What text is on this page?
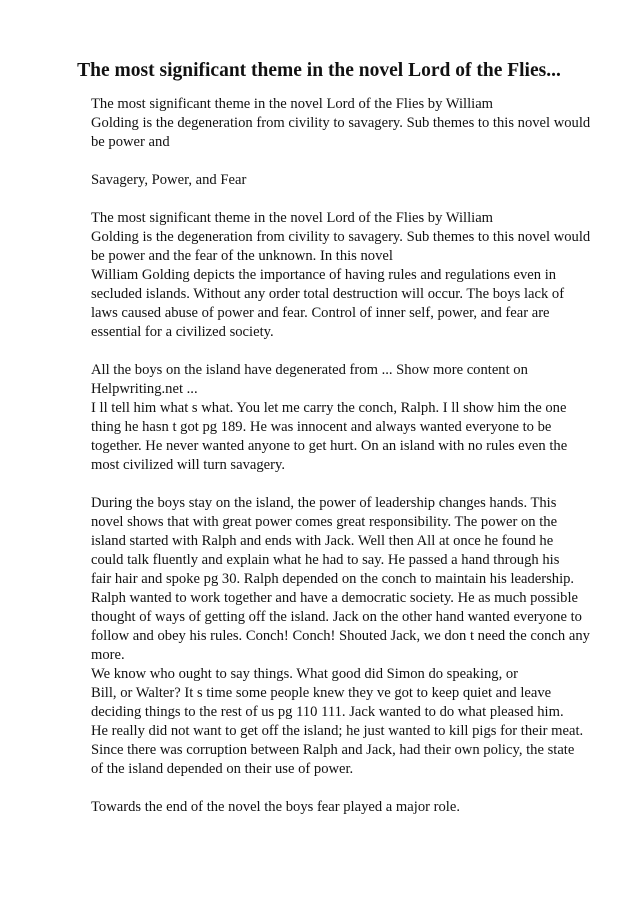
The most significant theme in the novel Lord of the Flies...

The most significant theme in the novel Lord of the Flies by William
Golding is the degeneration from civility to savagery. Sub themes to this novel would
be power and

Savagery, Power, and Fear

The most significant theme in the novel Lord of the Flies by William
Golding is the degeneration from civility to savagery. Sub themes to this novel would
be power and the fear of the unknown. In this novel
William Golding depicts the importance of having rules and regulations even in
secluded islands. Without any order total destruction will occur. The boys lack of
laws caused abuse of power and fear. Control of inner self, power, and fear are
essential for a civilized society.

All the boys on the island have degenerated from ... Show more content on
Helpwriting.net ...
I ll tell him what s what. You let me carry the conch, Ralph. I ll show him the one
thing he hasn t got pg 189. He was innocent and always wanted everyone to be
together. He never wanted anyone to get hurt. On an island with no rules even the
most civilized will turn savagery.

During the boys stay on the island, the power of leadership changes hands. This
novel shows that with great power comes great responsibility. The power on the
island started with Ralph and ends with Jack. Well then All at once he found he
could talk fluently and explain what he had to say. He passed a hand through his
fair hair and spoke pg 30. Ralph depended on the conch to maintain his leadership.
Ralph wanted to work together and have a democratic society. He as much possible
thought of ways of getting off the island. Jack on the other hand wanted everyone to
follow and obey his rules. Conch! Conch! Shouted Jack, we don t need the conch any
more.
We know who ought to say things. What good did Simon do speaking, or
Bill, or Walter? It s time some people knew they ve got to keep quiet and leave
deciding things to the rest of us pg 110 111. Jack wanted to do what pleased him.
He really did not want to get off the island; he just wanted to kill pigs for their meat.
Since there was corruption between Ralph and Jack, had their own policy, the state
of the island depended on their use of power.

Towards the end of the novel the boys fear played a major role.
